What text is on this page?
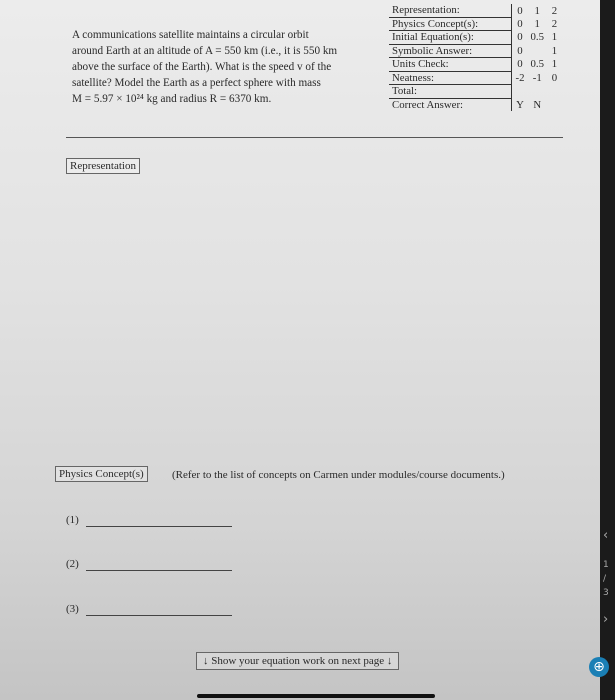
A communications satellite maintains a circular orbit
around Earth at an altitude of A = 550 km (i.e., it is 550 km
above the surface of the Earth). What is the speed v of the
satellite? Model the Earth as a perfect sphere with mass
M = 5.97 × 10²⁴ kg and radius R = 6370 km.
Representation:	0	1	2
Physics Concept(s):	0	1	2
Initial Equation(s):	0	0.5	1
Symbolic Answer:	0		1
Units Check:	0	0.5	1
Neatness:	-2	-1	0
Total:			
Correct Answer:	Y	N	
Representation
Physics Concept(s)	(Refer to the list of concepts on Carmen under modules/course documents.)
(1)
(2)
(3)
↓ Show your equation work on next page ↓
‹
1
/
3
›
⊕
